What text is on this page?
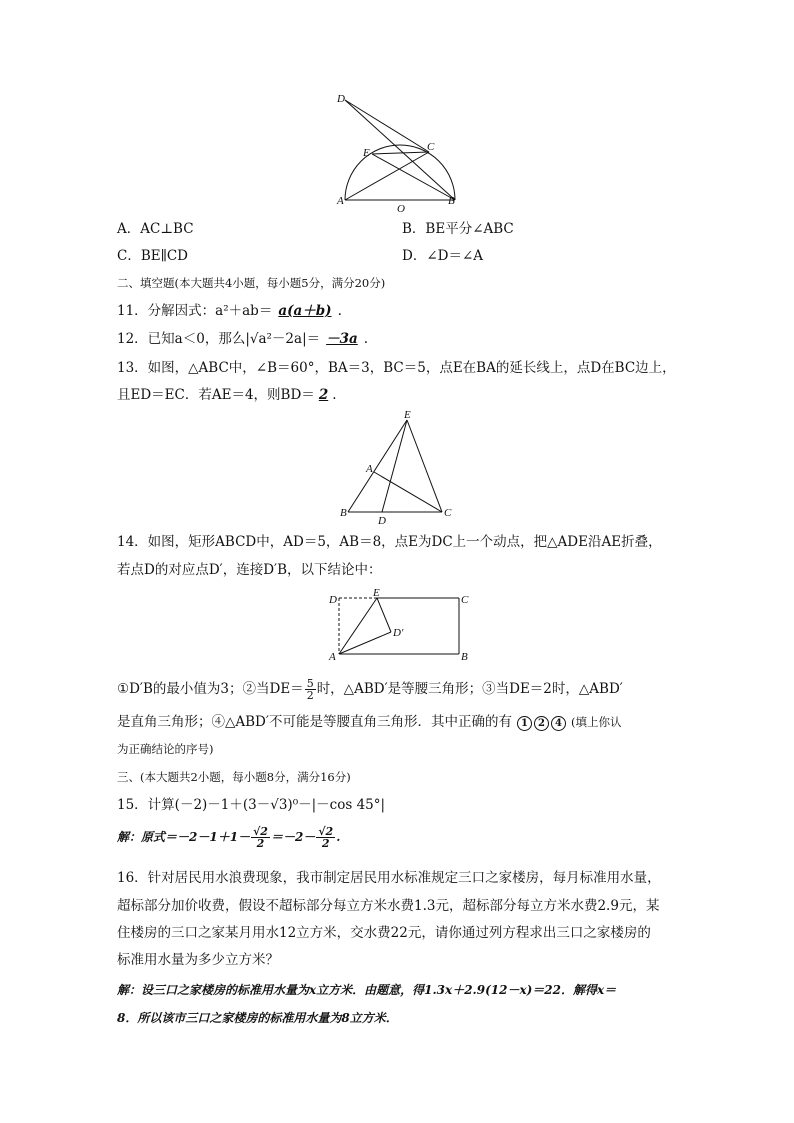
D
E	C
A
O
B
A．AC⊥BC	B．BE平分∠ABC
C．BE∥CD	D．∠D＝∠A
二、填空题(本大题共4小题，每小题5分，满分20分)
11．分解因式：a²＋ab＝ a(a＋b) .
12．已知a＜0，那么|√a²－2a|＝ －3a .
13．如图，△ABC中，∠B＝60°，BA＝3，BC＝5，点E在BA的延长线上，点D在BC边上，
且ED＝EC．若AE＝4，则BD＝ 2 .
E
A
B
D
C
14．如图，矩形ABCD中，AD＝5，AB＝8，点E为DC上一个动点，把△ADE沿AE折叠，
若点D的对应点D′，连接D′B，以下结论中：
D
E
C
D′
A	B
①D′B的最小值为3；②当$DE= \frac{5}{2}$ 时，△ABD′是等腰三角形；③当DE＝2时，△ABD′
是直角三角形；④△ABD′不可能是等腰直角三角形．其中正确的有 1 2 4 (填上你认
为正确结论的序号)
三、(本大题共2小题，每小题8分，满分16分)
15．计算(－2)－1＋(3－√3)⁰－|－cos 45°|
解：原式$=-2-1+1- \frac{√2}{2} =-2- \frac{√2}{2}$ .
16．针对居民用水浪费现象，我市制定居民用水标准规定三口之家楼房，每月标准用水量，
超标部分加价收费，假设不超标部分每立方米水费1.3元，超标部分每立方米水费2.9元，某
住楼房的三口之家某月用水12立方米，交水费22元，请你通过列方程求出三口之家楼房的
标准用水量为多少立方米？
解：设三口之家楼房的标准用水量为x立方米．由题意，得1.3x＋2.9(12－x)＝22．解得x＝
8．所以该市三口之家楼房的标准用水量为8立方米．
